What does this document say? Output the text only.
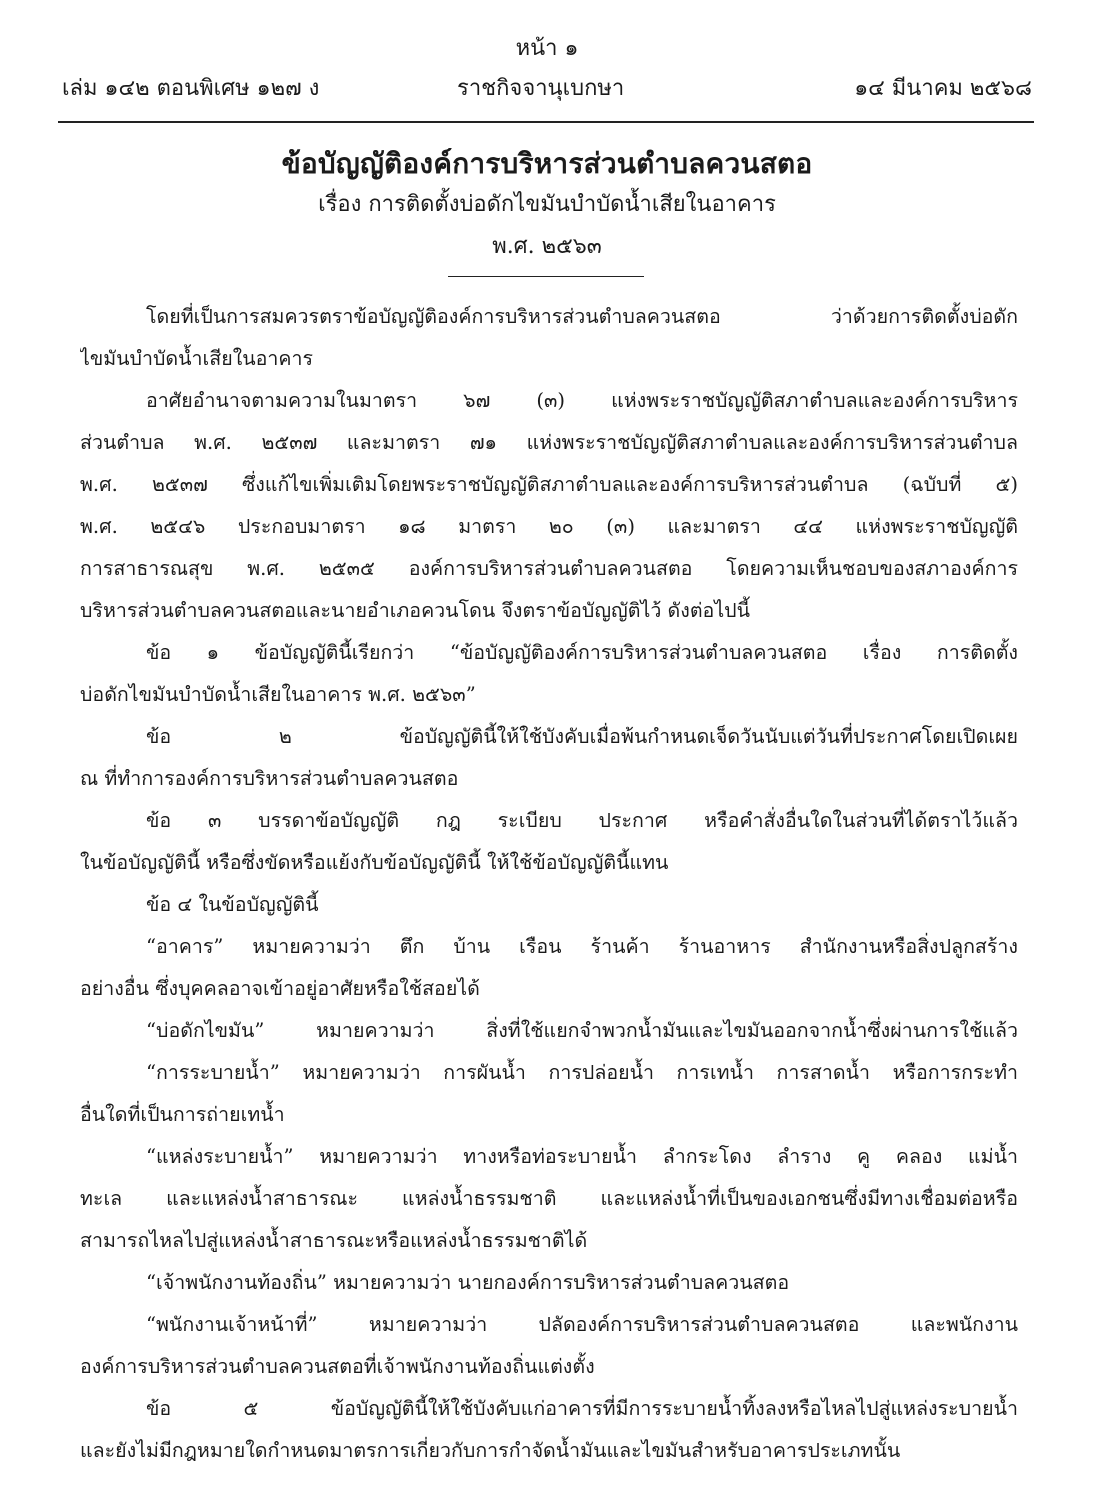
หน้า ๑
เล่ม ๑๔๒ ตอนพิเศษ ๑๒๗ ง	ราชกิจจานุเบกษา	๑๔ มีนาคม ๒๕๖๘
ข้อบัญญัติองค์การบริหารส่วนตำบลควนสตอ
เรื่อง การติดตั้งบ่อดักไขมันบำบัดน้ำเสียในอาคาร
พ.ศ. ๒๕๖๓
โดยที่เป็นการสมควรตราข้อบัญญัติองค์การบริหารส่วนตำบลควนสตอ ว่าด้วยการติดตั้งบ่อดัก
ไขมันบำบัดน้ำเสียในอาคาร
อาศัยอำนาจตามความในมาตรา ๖๗ (๓) แห่งพระราชบัญญัติสภาตำบลและองค์การบริหาร
ส่วนตำบล พ.ศ. ๒๕๓๗ และมาตรา ๗๑ แห่งพระราชบัญญัติสภาตำบลและองค์การบริหารส่วนตำบล
พ.ศ. ๒๕๓๗ ซึ่งแก้ไขเพิ่มเติมโดยพระราชบัญญัติสภาตำบลและองค์การบริหารส่วนตำบล (ฉบับที่ ๕)
พ.ศ. ๒๕๔๖ ประกอบมาตรา ๑๘ มาตรา ๒๐ (๓) และมาตรา ๔๔ แห่งพระราชบัญญัติ
การสาธารณสุข พ.ศ. ๒๕๓๕ องค์การบริหารส่วนตำบลควนสตอ โดยความเห็นชอบของสภาองค์การ
บริหารส่วนตำบลควนสตอและนายอำเภอควนโดน จึงตราข้อบัญญัติไว้ ดังต่อไปนี้
ข้อ ๑ ข้อบัญญัตินี้เรียกว่า “ข้อบัญญัติองค์การบริหารส่วนตำบลควนสตอ เรื่อง การติดตั้ง
บ่อดักไขมันบำบัดน้ำเสียในอาคาร พ.ศ. ๒๕๖๓”
ข้อ ๒ ข้อบัญญัตินี้ให้ใช้บังคับเมื่อพ้นกำหนดเจ็ดวันนับแต่วันที่ประกาศโดยเปิดเผย
ณ ที่ทำการองค์การบริหารส่วนตำบลควนสตอ
ข้อ ๓ บรรดาข้อบัญญัติ กฎ ระเบียบ ประกาศ หรือคำสั่งอื่นใดในส่วนที่ได้ตราไว้แล้ว
ในข้อบัญญัตินี้ หรือซึ่งขัดหรือแย้งกับข้อบัญญัตินี้ ให้ใช้ข้อบัญญัตินี้แทน
ข้อ ๔ ในข้อบัญญัตินี้
“อาคาร” หมายความว่า ตึก บ้าน เรือน ร้านค้า ร้านอาหาร สำนักงานหรือสิ่งปลูกสร้าง
อย่างอื่น ซึ่งบุคคลอาจเข้าอยู่อาศัยหรือใช้สอยได้
“บ่อดักไขมัน” หมายความว่า สิ่งที่ใช้แยกจำพวกน้ำมันและไขมันออกจากน้ำซึ่งผ่านการใช้แล้ว
“การระบายน้ำ” หมายความว่า การผันน้ำ การปล่อยน้ำ การเทน้ำ การสาดน้ำ หรือการกระทำ
อื่นใดที่เป็นการถ่ายเทน้ำ
“แหล่งระบายน้ำ” หมายความว่า ทางหรือท่อระบายน้ำ ลำกระโดง ลำราง คู คลอง แม่น้ำ
ทะเล และแหล่งน้ำสาธารณะ แหล่งน้ำธรรมชาติ และแหล่งน้ำที่เป็นของเอกชนซึ่งมีทางเชื่อมต่อหรือ
สามารถไหลไปสู่แหล่งน้ำสาธารณะหรือแหล่งน้ำธรรมชาติได้
“เจ้าพนักงานท้องถิ่น” หมายความว่า นายกองค์การบริหารส่วนตำบลควนสตอ
“พนักงานเจ้าหน้าที่” หมายความว่า ปลัดองค์การบริหารส่วนตำบลควนสตอ และพนักงาน
องค์การบริหารส่วนตำบลควนสตอที่เจ้าพนักงานท้องถิ่นแต่งตั้ง
ข้อ ๕ ข้อบัญญัตินี้ให้ใช้บังคับแก่อาคารที่มีการระบายน้ำทิ้งลงหรือไหลไปสู่แหล่งระบายน้ำ
และยังไม่มีกฎหมายใดกำหนดมาตรการเกี่ยวกับการกำจัดน้ำมันและไขมันสำหรับอาคารประเภทนั้น
